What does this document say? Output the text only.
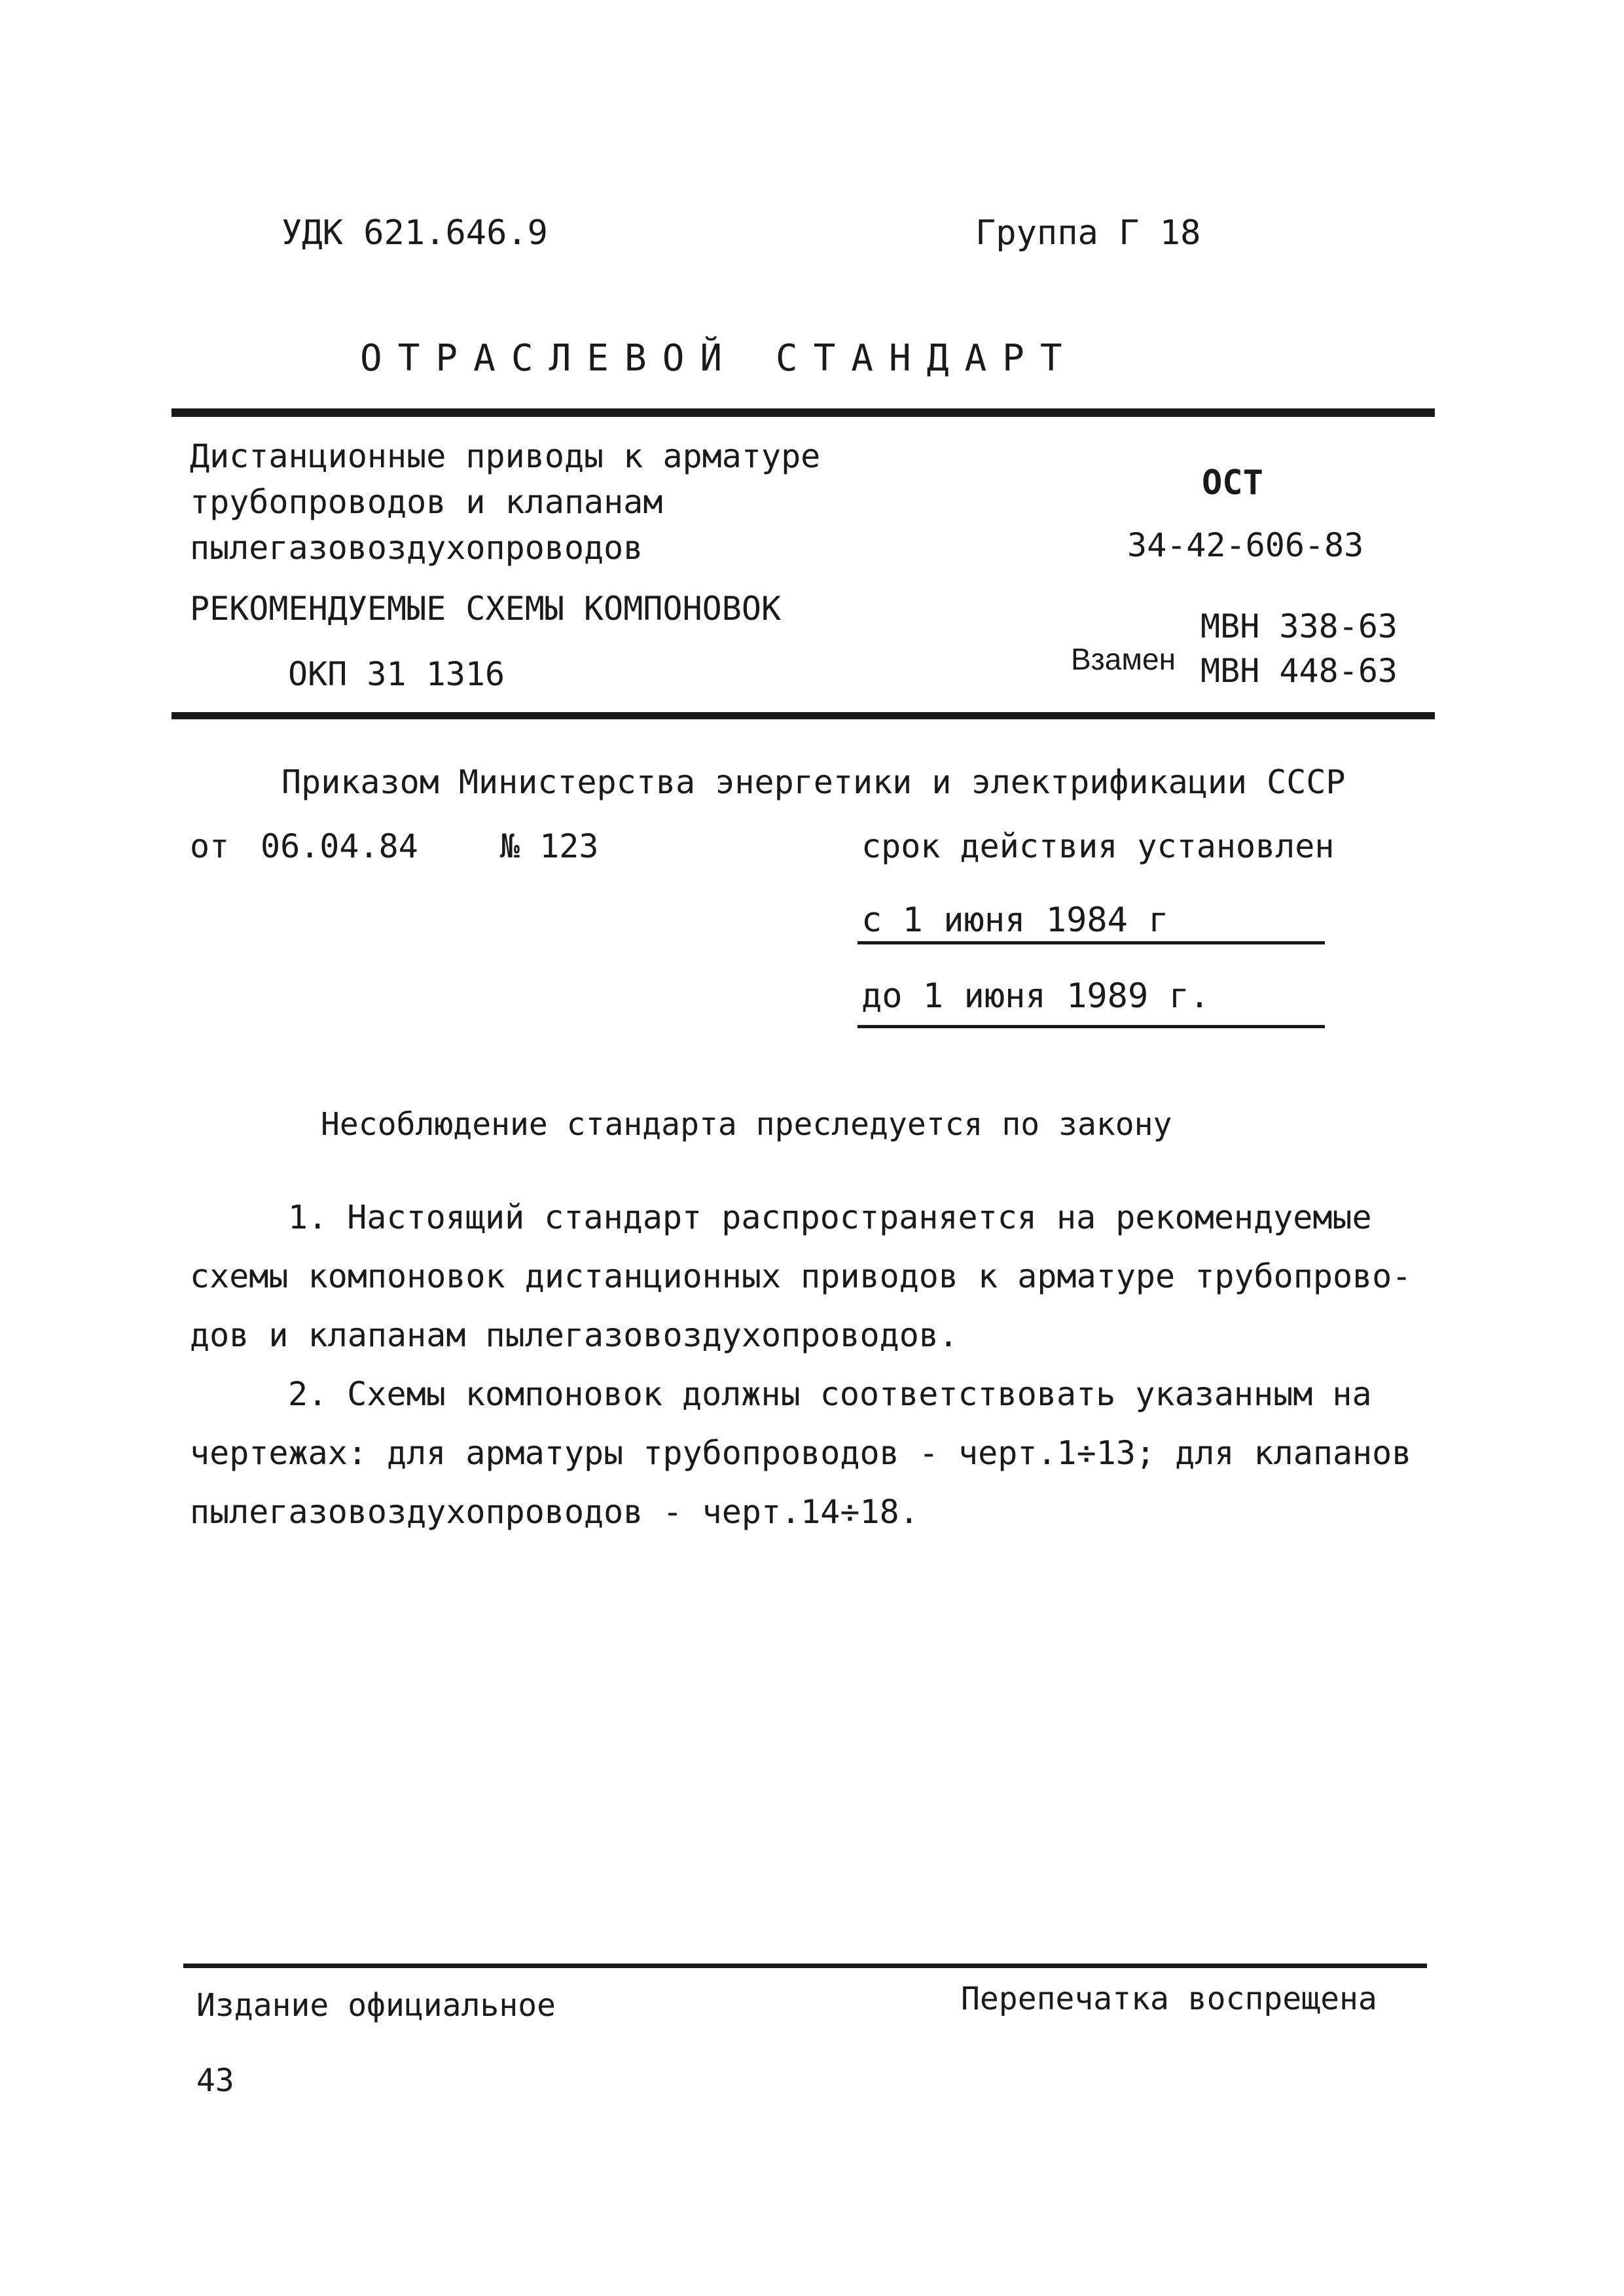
УДК 621.646.9	Группа Г 18
ОТРАСЛЕВОЙ СТАНДАРТ
Дистанционные приводы к арматуре
трубопроводов и клапанам
пылегазовоздухопроводов
РЕКОМЕНДУЕМЫЕ СХЕМЫ КОМПОНОВОК
ОКП 31 1316
ОСТ
34-42-606-83
Взамен
МВН 338-63
МВН 448-63
Приказом Министерства энергетики и электрификации СССР
от 06.04.84	№ 123	срок действия установлен
с 1 июня 1984 г
до 1 июня 1989 г.
Несоблюдение стандарта преследуется по закону
1. Настоящий стандарт распространяется на рекомендуемые
схемы компоновок дистанционных приводов к арматуре трубопрово-
дов и клапанам пылегазовоздухопроводов.
2. Схемы компоновок должны соответствовать указанным на
чертежах: для арматуры трубопроводов - черт.1÷13; для клапанов
пылегазовоздухопроводов - черт.14÷18.
Издание официальное	Перепечатка воспрещена
43
